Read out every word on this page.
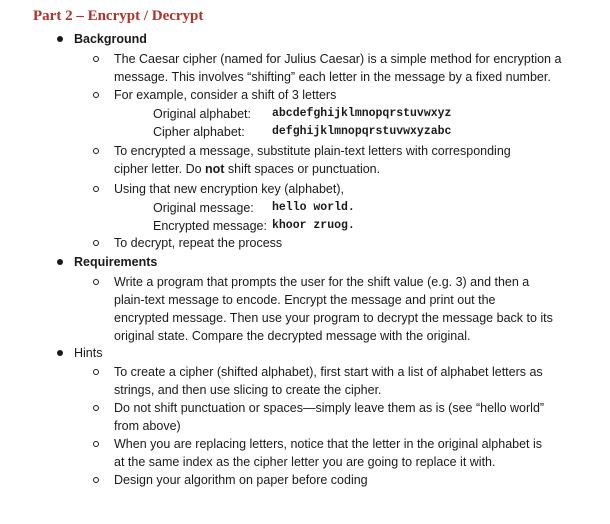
Part 2 – Encrypt / Decrypt
Background
The Caesar cipher (named for Julius Caesar) is a simple method for encryption a
message. This involves “shifting” each letter in the message by a fixed number.
For example, consider a shift of 3 letters
Original alphabet: abcdefghijklmnopqrstuvwxyz
Cipher alphabet: defghijklmnopqrstuvwxyzabc
To encrypted a message, substitute plain-text letters with corresponding
cipher letter. Do not shift spaces or punctuation.
Using that new encryption key (alphabet),
Original message: hello world.
Encrypted message: khoor zruog.
To decrypt, repeat the process
Requirements
Write a program that prompts the user for the shift value (e.g. 3) and then a
plain-text message to encode. Encrypt the message and print out the
encrypted message. Then use your program to decrypt the message back to its
original state. Compare the decrypted message with the original.
Hints
To create a cipher (shifted alphabet), first start with a list of alphabet letters as
strings, and then use slicing to create the cipher.
Do not shift punctuation or spaces—simply leave them as is (see “hello world”
from above)
When you are replacing letters, notice that the letter in the original alphabet is
at the same index as the cipher letter you are going to replace it with.
Design your algorithm on paper before coding
